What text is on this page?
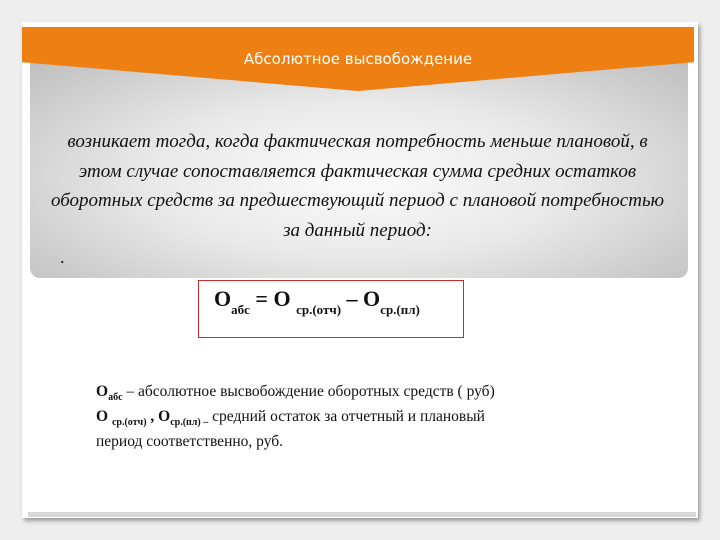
Абсолютное высвобождение
возникает тогда, когда фактическая потребность меньше плановой, в этом случае сопоставляется фактическая сумма средних остатков оборотных средств за предшествующий период с плановой потребностью за данный период:
.
$О_{абс} = О$ $_{ср.(отч)} - О_{ср.(пл)}$
$О_{абс}$ – абсолютное высвобождение оборотных средств ( руб)
О $_{ср.(отч)}$ , $О_{ср.(пл) -}$ средний остаток за отчетный и плановый
период соответственно, руб.
